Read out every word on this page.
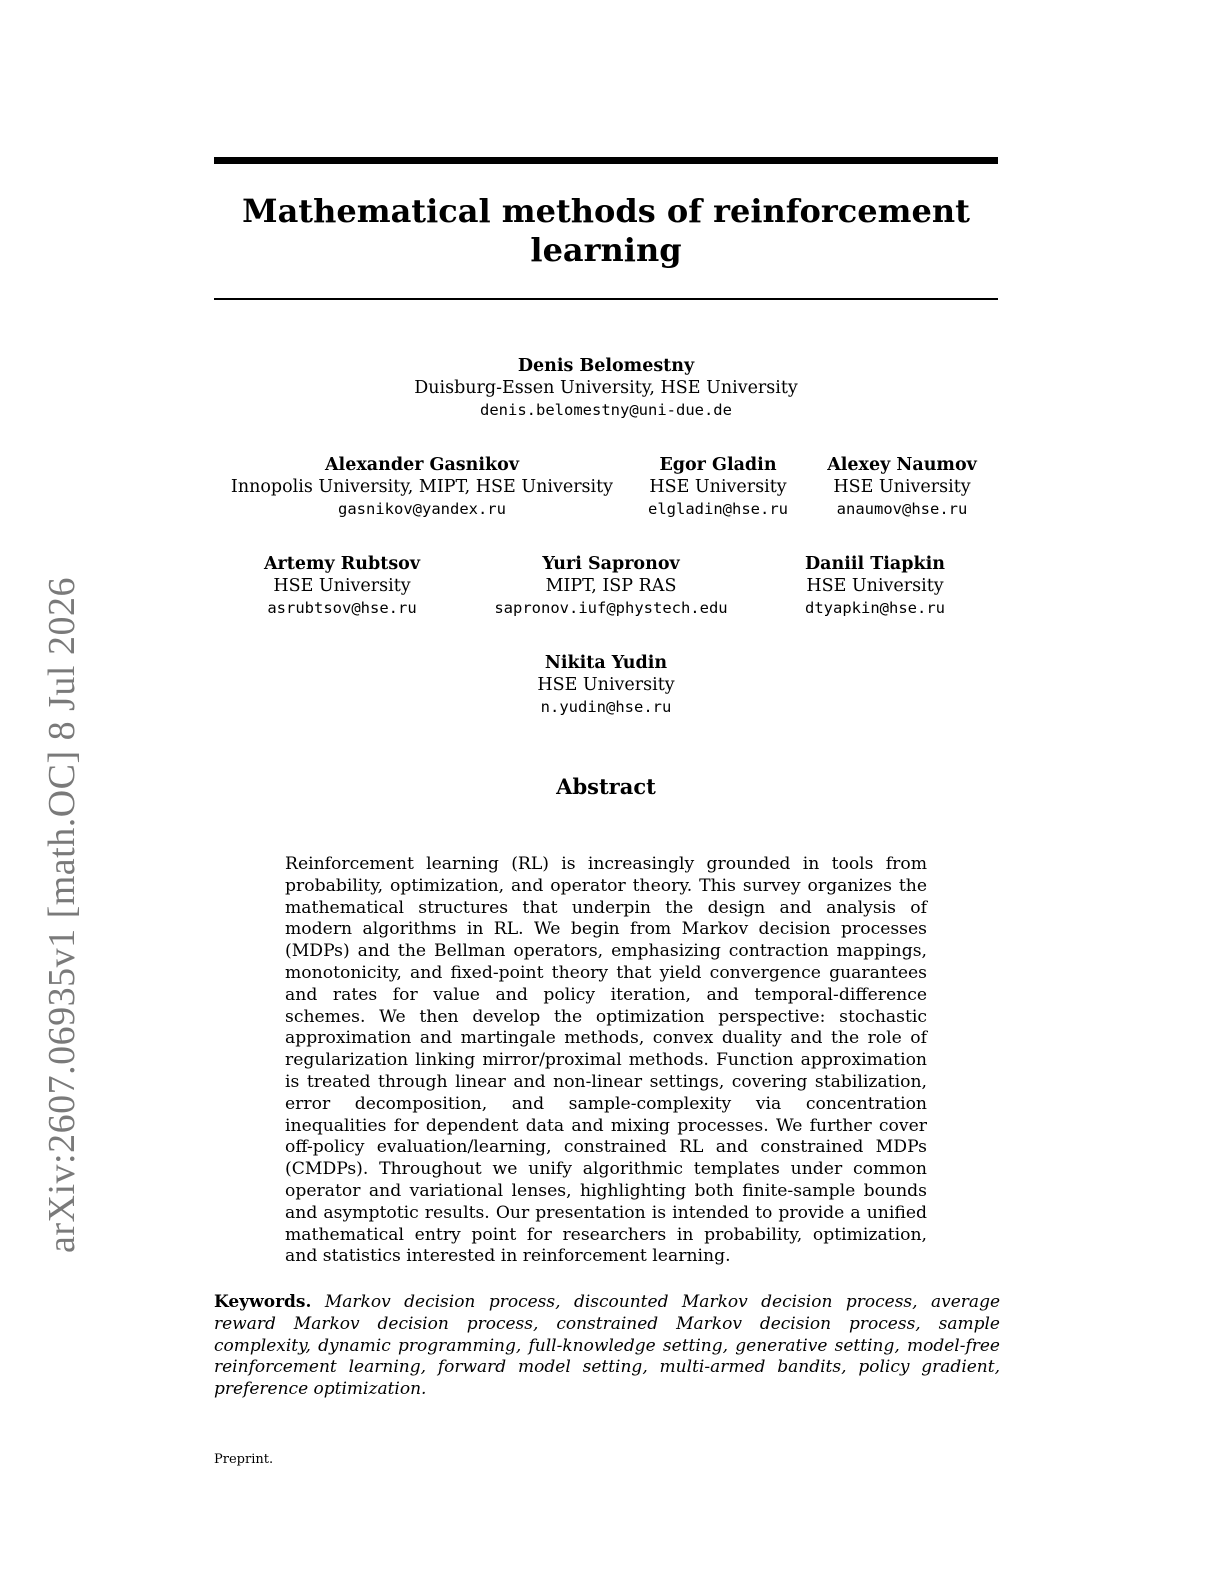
Mathematical methods of reinforcement
learning
Denis Belomestny
Duisburg-Essen University, HSE University
denis.belomestny@uni-due.de
Alexander Gasnikov
Innopolis University, MIPT, HSE University
gasnikov@yandex.ru
Egor Gladin
HSE University
elgladin@hse.ru
Alexey Naumov
HSE University
anaumov@hse.ru
Artemy Rubtsov
HSE University
asrubtsov@hse.ru
Yuri Sapronov
MIPT, ISP RAS
sapronov.iuf@phystech.edu
Daniil Tiapkin
HSE University
dtyapkin@hse.ru
Nikita Yudin
HSE University
n.yudin@hse.ru
Abstract
Reinforcement learning (RL) is increasingly grounded in tools from probability, optimization, and operator theory. This survey organizes the mathematical structures that underpin the design and analysis of modern algorithms in RL. We begin from Markov decision processes (MDPs) and the Bellman operators, emphasizing contraction mappings, monotonicity, and fixed-point theory that yield convergence guarantees and rates for value and policy iteration, and temporal-difference schemes. We then develop the optimization perspective: stochastic approximation and martingale methods, convex duality and the role of regularization linking mirror/proximal methods. Function approximation is treated through linear and non-linear settings, covering stabilization, error decomposition, and sample-complexity via concentration inequalities for dependent data and mixing processes. We further cover off-policy evaluation/learning, constrained RL and constrained MDPs (CMDPs). Throughout we unify algorithmic templates under common operator and variational lenses, highlighting both finite-sample bounds and asymptotic results. Our presentation is intended to provide a unified mathematical entry point for researchers in probability, optimization, and statistics interested in reinforcement learning.
Keywords. Markov decision process, discounted Markov decision process, average reward Markov decision process, constrained Markov decision process, sample complexity, dynamic programming, full-knowledge setting, generative setting, model-free reinforcement learning, forward model setting, multi-armed bandits, policy gradient, preference optimization.
Preprint.
arXiv:2607.06935v1 [math.OC] 8 Jul 2026
